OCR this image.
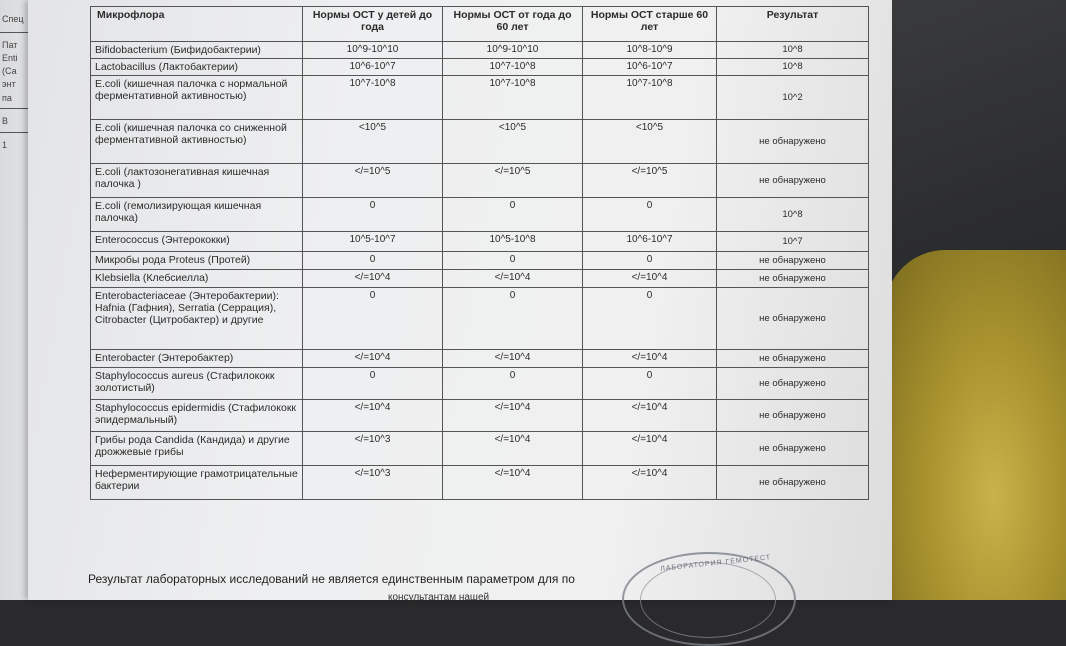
Спец
Пат
Enti
(Са
энт
па
В
1
Микрофлора	Нормы ОСТ у детей до года	Нормы ОСТ от года до 60 лет	Нормы ОСТ старше 60 лет	Результат
Bifidobacterium (Бифидобактерии)	10^9-10^10	10^9-10^10	10^8-10^9	10^8
Lactobacillus (Лактобактерии)	10^6-10^7	10^7-10^8	10^6-10^7	10^8
E.coli (кишечная палочка с нормальной ферментативной активностью)	10^7-10^8	10^7-10^8	10^7-10^8	10^2
E.coli (кишечная палочка со сниженной ферментативной активностью)	<10^5	<10^5	<10^5	не обнаружено
E.coli (лактозонегативная кишечная палочка )	</=10^5	</=10^5	</=10^5	не обнаружено
E.coli (гемолизирующая кишечная палочка)	0	0	0	10^8
Enterococcus (Энтерококки)	10^5-10^7	10^5-10^8	10^6-10^7	10^7
Микробы рода Proteus (Протей)	0	0	0	не обнаружено
Klebsiella (Клебсиелла)	</=10^4	</=10^4	</=10^4	не обнаружено
Enterobacteriaceae (Энтеробактерии): Hafnia (Гафния), Serratia (Серрация), Citrobacter (Цитробактер) и другие	0	0	0	не обнаружено
Enterobacter (Энтеробактер)	</=10^4	</=10^4	</=10^4	не обнаружено
Staphylococcus aureus (Стафилококк золотистый)	0	0	0	не обнаружено
Staphylococcus epidermidis (Стафилококк эпидермальный)	</=10^4	</=10^4	</=10^4	не обнаружено
Грибы рода Candida (Кандида) и другие дрожжевые грибы	</=10^3	</=10^4	</=10^4	не обнаружено
Неферментирующие грамотрицательные бактерии	</=10^3	</=10^4	</=10^4	не обнаружено
Результат лабораторных исследований не является единственным параметром для по
консультантам нашей
ЛАБОРАТОРИЯ ГЕМОТЕСТ
